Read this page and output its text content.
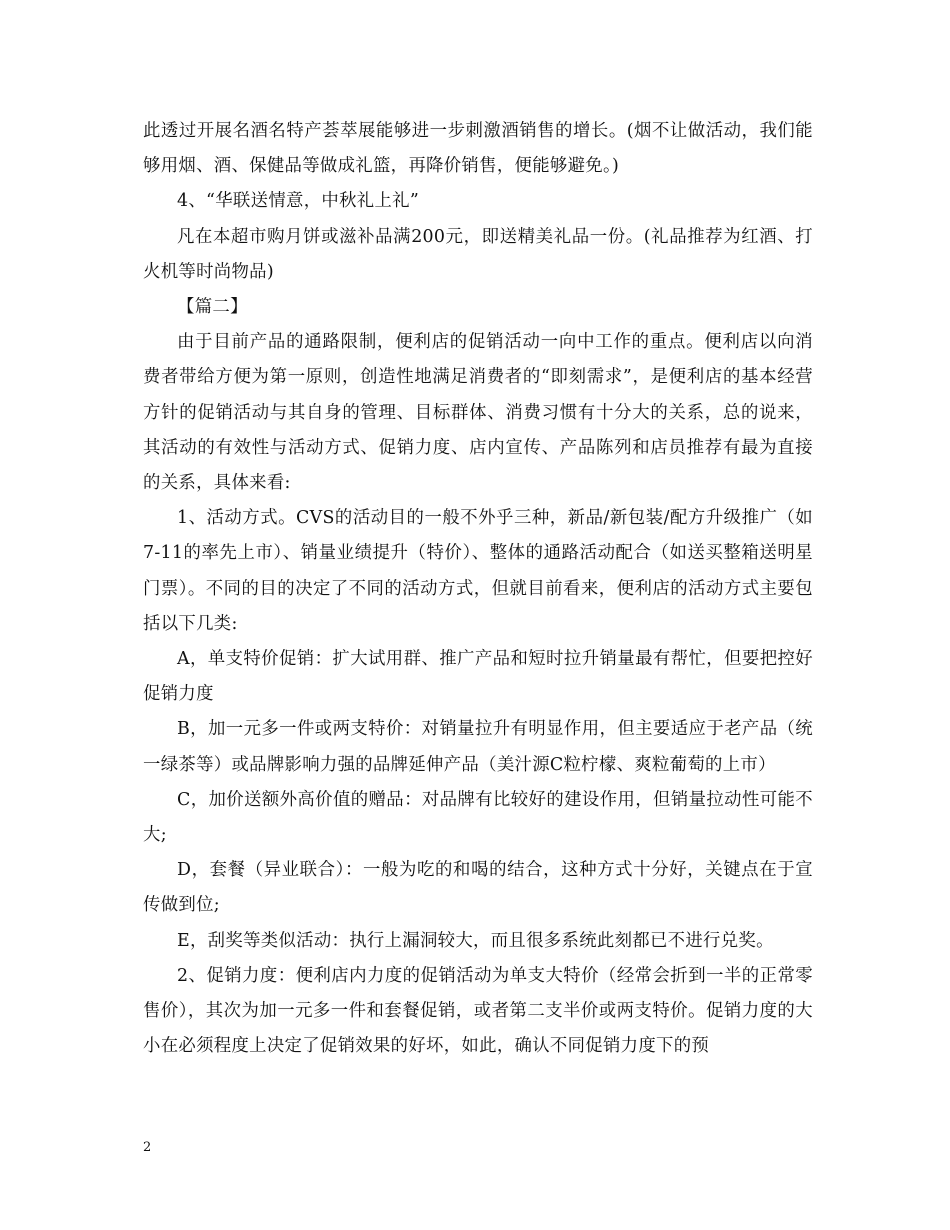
此透过开展名酒名特产荟萃展能够进一步刺激酒销售的增长。(烟不让做活动，我们能够用烟、酒、保健品等做成礼篮，再降价销售，便能够避免。)

4、“华联送情意，中秋礼上礼”

凡在本超市购月饼或滋补品满200元，即送精美礼品一份。(礼品推荐为红酒、打火机等时尚物品)

【篇二】

由于目前产品的通路限制，便利店的促销活动一向中工作的重点。便利店以向消费者带给方便为第一原则，创造性地满足消费者的“即刻需求”，是便利店的基本经营方针的促销活动与其自身的管理、目标群体、消费习惯有十分大的关系，总的说来，其活动的有效性与活动方式、促销力度、店内宣传、产品陈列和店员推荐有最为直接的关系，具体来看:

1、活动方式。CVS的活动目的一般不外乎三种，新品/新包装/配方升级推广（如7-11的率先上市）、销量业绩提升（特价）、整体的通路活动配合（如送买整箱送明星门票）。不同的目的决定了不同的活动方式，但就目前看来，便利店的活动方式主要包括以下几类:

A，单支特价促销：扩大试用群、推广产品和短时拉升销量最有帮忙，但要把控好促销力度

B，加一元多一件或两支特价：对销量拉升有明显作用，但主要适应于老产品（统一绿茶等）或品牌影响力强的品牌延伸产品（美汁源C粒柠檬、爽粒葡萄的上市）

C，加价送额外高价值的赠品：对品牌有比较好的建设作用，但销量拉动性可能不大;

D，套餐（异业联合）：一般为吃的和喝的结合，这种方式十分好，关键点在于宣传做到位;

E，刮奖等类似活动：执行上漏洞较大，而且很多系统此刻都已不进行兑奖。

2、促销力度：便利店内力度的促销活动为单支大特价（经常会折到一半的正常零售价），其次为加一元多一件和套餐促销，或者第二支半价或两支特价。促销力度的大小在必须程度上决定了促销效果的好坏，如此，确认不同促销力度下的预

2
